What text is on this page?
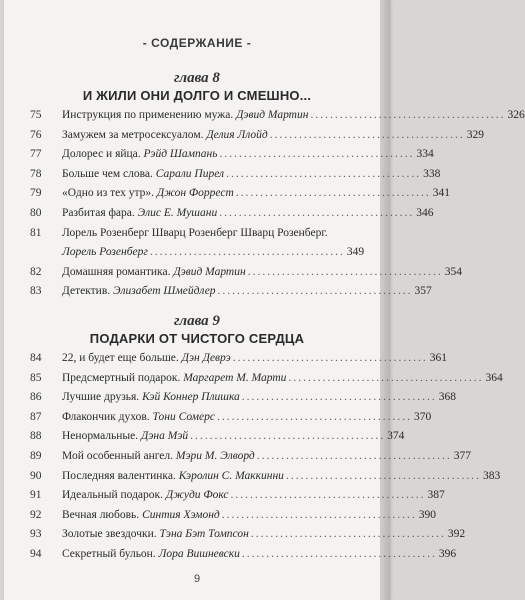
- СОДЕРЖАНИЕ -
глава 8
И ЖИЛИ ОНИ ДОЛГО И СМЕШНО...
75	Инструкция по применению мужа. Дэвид Мартин ........................................ 326
76	Замужем за метросексуалом. Делия Ллойд ........................................ 329
77	Долорес и яйца. Рэйд Шампань ........................................ 334
78	Больше чем слова. Саралu Пирел ........................................ 338
79	«Одно из тех утр». Джон Форрест ........................................ 341
80	Разбитая фара. Элис Е. Мушани ........................................ 346
81	Лорель Розенберг Шварц Розенберг Шварц Розенберг.
Лорель Розенберг ........................................ 349
82	Домашняя романтика. Дэвид Мартин ........................................ 354
83	Детектив. Элизабет Шмейдлер ........................................ 357
глава 9
ПОДАРКИ ОТ ЧИСТОГО СЕРДЦА
84	22, и будет еще больше. Дэн Деврэ ........................................ 361
85	Предсмертный подарок. Маргарет М. Марти ........................................ 364
86	Лучшие друзья. Кэй Коннер Плишка ........................................ 368
87	Флакончик духов. Тони Сомерс ........................................ 370
88	Ненормальные. Дэна Мэй ........................................ 374
89	Мой особенный ангел. Мэри М. Элворд ........................................ 377
90	Последняя валентинка. Кэролин С. Маккинни ........................................ 383
91	Идеальный подарок. Джуди Фокс ........................................ 387
92	Вечная любовь. Синтия Хэмонд ........................................ 390
93	Золотые звездочки. Тэна Бэт Томпсон ........................................ 392
94	Секретный бульон. Лора Вишневски ........................................ 396
9
